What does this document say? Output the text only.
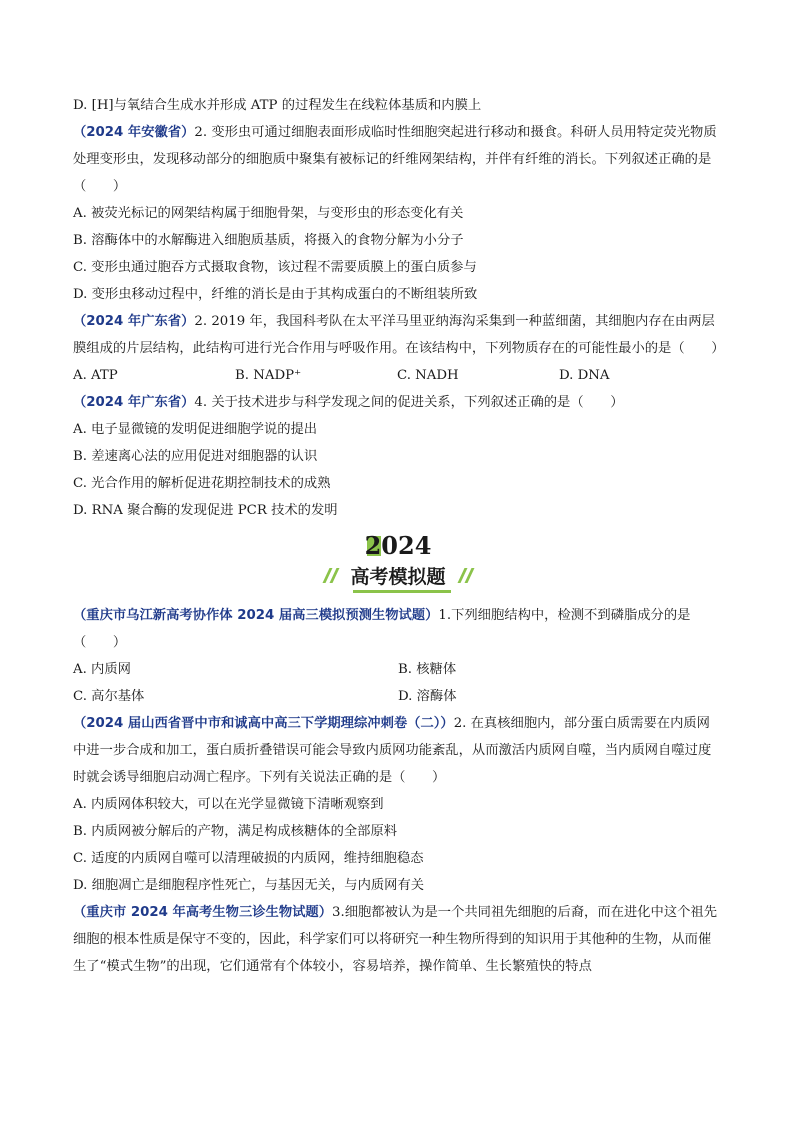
D. [H]与氧结合生成水并形成 ATP 的过程发生在线粒体基质和内膜上
（2024 年安徽省）2. 变形虫可通过细胞表面形成临时性细胞突起进行移动和摄食。科研人员用特定荧光物质处理变形虫，发现移动部分的细胞质中聚集有被标记的纤维网架结构，并伴有纤维的消长。下列叙述正确的是（　　）
A. 被荧光标记的网架结构属于细胞骨架，与变形虫的形态变化有关
B. 溶酶体中的水解酶进入细胞质基质，将摄入的食物分解为小分子
C. 变形虫通过胞吞方式摄取食物，该过程不需要质膜上的蛋白质参与
D. 变形虫移动过程中，纤维的消长是由于其构成蛋白的不断组装所致
（2024 年广东省）2. 2019 年，我国科考队在太平洋马里亚纳海沟采集到一种蓝细菌，其细胞内存在由两层膜组成的片层结构，此结构可进行光合作用与呼吸作用。在该结构中，下列物质存在的可能性最小的是（　　）
A. ATP	B. NADP⁺	C. NADH	D. DNA
（2024 年广东省）4. 关于技术进步与科学发现之间的促进关系，下列叙述正确的是（　　）
A. 电子显微镜的发明促进细胞学说的提出
B. 差速离心法的应用促进对细胞器的认识
C. 光合作用的解析促进花期控制技术的成熟
D. RNA 聚合酶的发现促进 PCR 技术的发明
2024
高考模拟题
（重庆市乌江新高考协作体 2024 届高三模拟预测生物试题）1.下列细胞结构中，检测不到磷脂成分的是（　　）
A. 内质网	B. 核糖体
C. 高尔基体	D. 溶酶体
（2024 届山西省晋中市和诚高中高三下学期理综冲刺卷（二））2. 在真核细胞内，部分蛋白质需要在内质网中进一步合成和加工，蛋白质折叠错误可能会导致内质网功能紊乱，从而激活内质网自噬，当内质网自噬过度时就会诱导细胞启动凋亡程序。下列有关说法正确的是（　　）
A. 内质网体积较大，可以在光学显微镜下清晰观察到
B. 内质网被分解后的产物，满足构成核糖体的全部原料
C. 适度的内质网自噬可以清理破损的内质网，维持细胞稳态
D. 细胞凋亡是细胞程序性死亡，与基因无关，与内质网有关
（重庆市 2024 年高考生物三诊生物试题）3.细胞都被认为是一个共同祖先细胞的后裔，而在进化中这个祖先细胞的根本性质是保守不变的，因此，科学家们可以将研究一种生物所得到的知识用于其他种的生物，从而催生了“模式生物”的出现，它们通常有个体较小，容易培养，操作简单、生长繁殖快的特点
